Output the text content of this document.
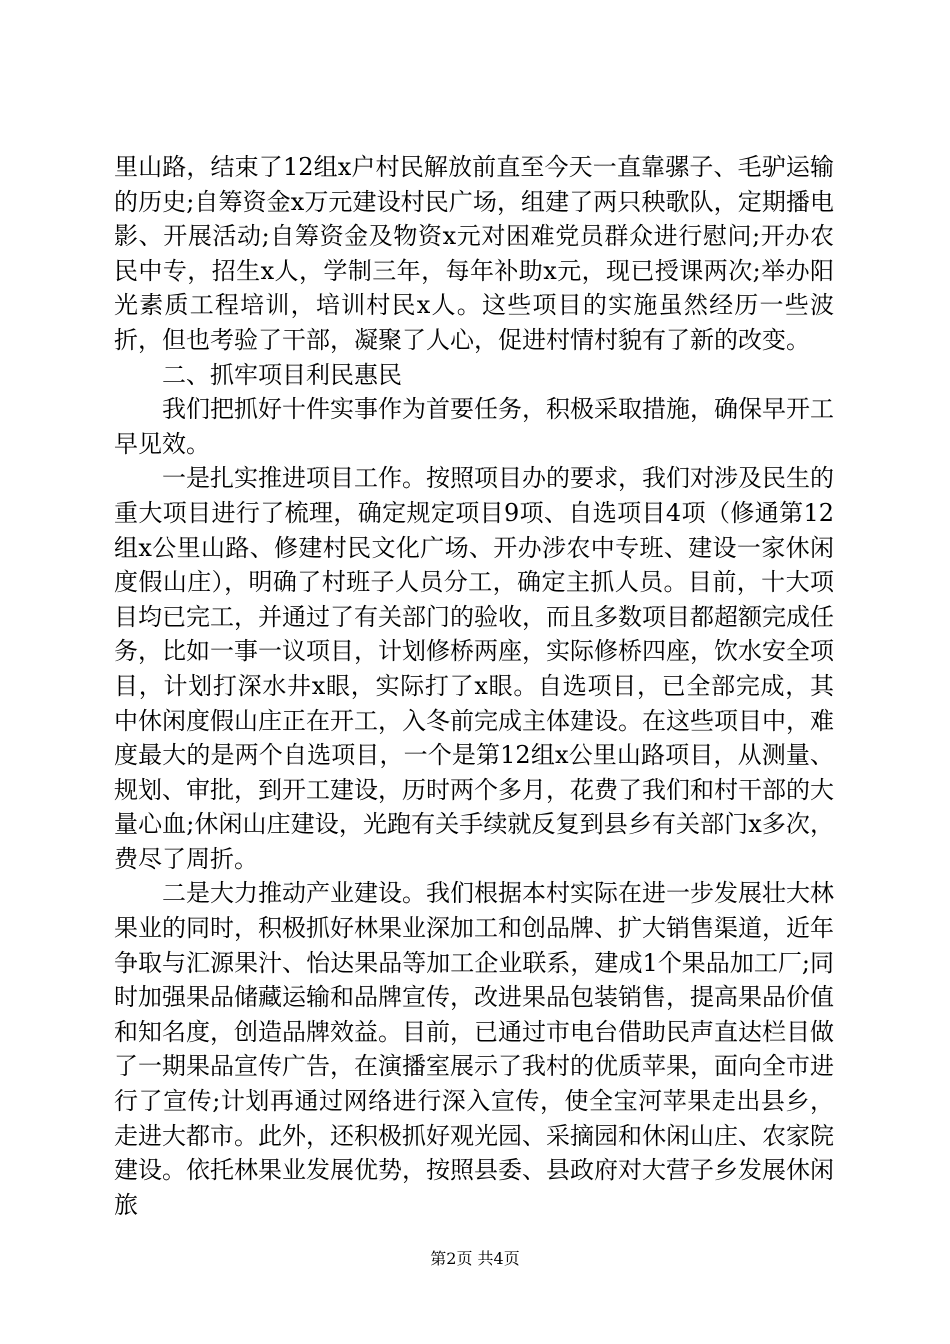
里山路，结束了12组x户村民解放前直至今天一直靠骡子、毛驴运输的历史;自筹资金x万元建设村民广场，组建了两只秧歌队，定期播电影、开展活动;自筹资金及物资x元对困难党员群众进行慰问;开办农民中专，招生x人，学制三年，每年补助x元，现已授课两次;举办阳光素质工程培训，培训村民x人。这些项目的实施虽然经历一些波折，但也考验了干部，凝聚了人心，促进村情村貌有了新的改变。

二、抓牢项目利民惠民

我们把抓好十件实事作为首要任务，积极采取措施，确保早开工早见效。

一是扎实推进项目工作。按照项目办的要求，我们对涉及民生的重大项目进行了梳理，确定规定项目9项、自选项目4项（修通第12组x公里山路、修建村民文化广场、开办涉农中专班、建设一家休闲度假山庄），明确了村班子人员分工，确定主抓人员。目前，十大项目均已完工，并通过了有关部门的验收，而且多数项目都超额完成任务，比如一事一议项目，计划修桥两座，实际修桥四座，饮水安全项目，计划打深水井x眼，实际打了x眼。自选项目，已全部完成，其中休闲度假山庄正在开工，入冬前完成主体建设。在这些项目中，难度最大的是两个自选项目，一个是第12组x公里山路项目，从测量、规划、审批，到开工建设，历时两个多月，花费了我们和村干部的大量心血;休闲山庄建设，光跑有关手续就反复到县乡有关部门x多次，费尽了周折。

二是大力推动产业建设。我们根据本村实际在进一步发展壮大林果业的同时，积极抓好林果业深加工和创品牌、扩大销售渠道，近年争取与汇源果汁、怡达果品等加工企业联系，建成1个果品加工厂;同时加强果品储藏运输和品牌宣传，改进果品包装销售，提高果品价值和知名度，创造品牌效益。目前，已通过市电台借助民声直达栏目做了一期果品宣传广告，在演播室展示了我村的优质苹果，面向全市进行了宣传;计划再通过网络进行深入宣传，使全宝河苹果走出县乡，走进大都市。此外，还积极抓好观光园、采摘园和休闲山庄、农家院建设。依托林果业发展优势，按照县委、县政府对大营子乡发展休闲旅

第2页 共4页
